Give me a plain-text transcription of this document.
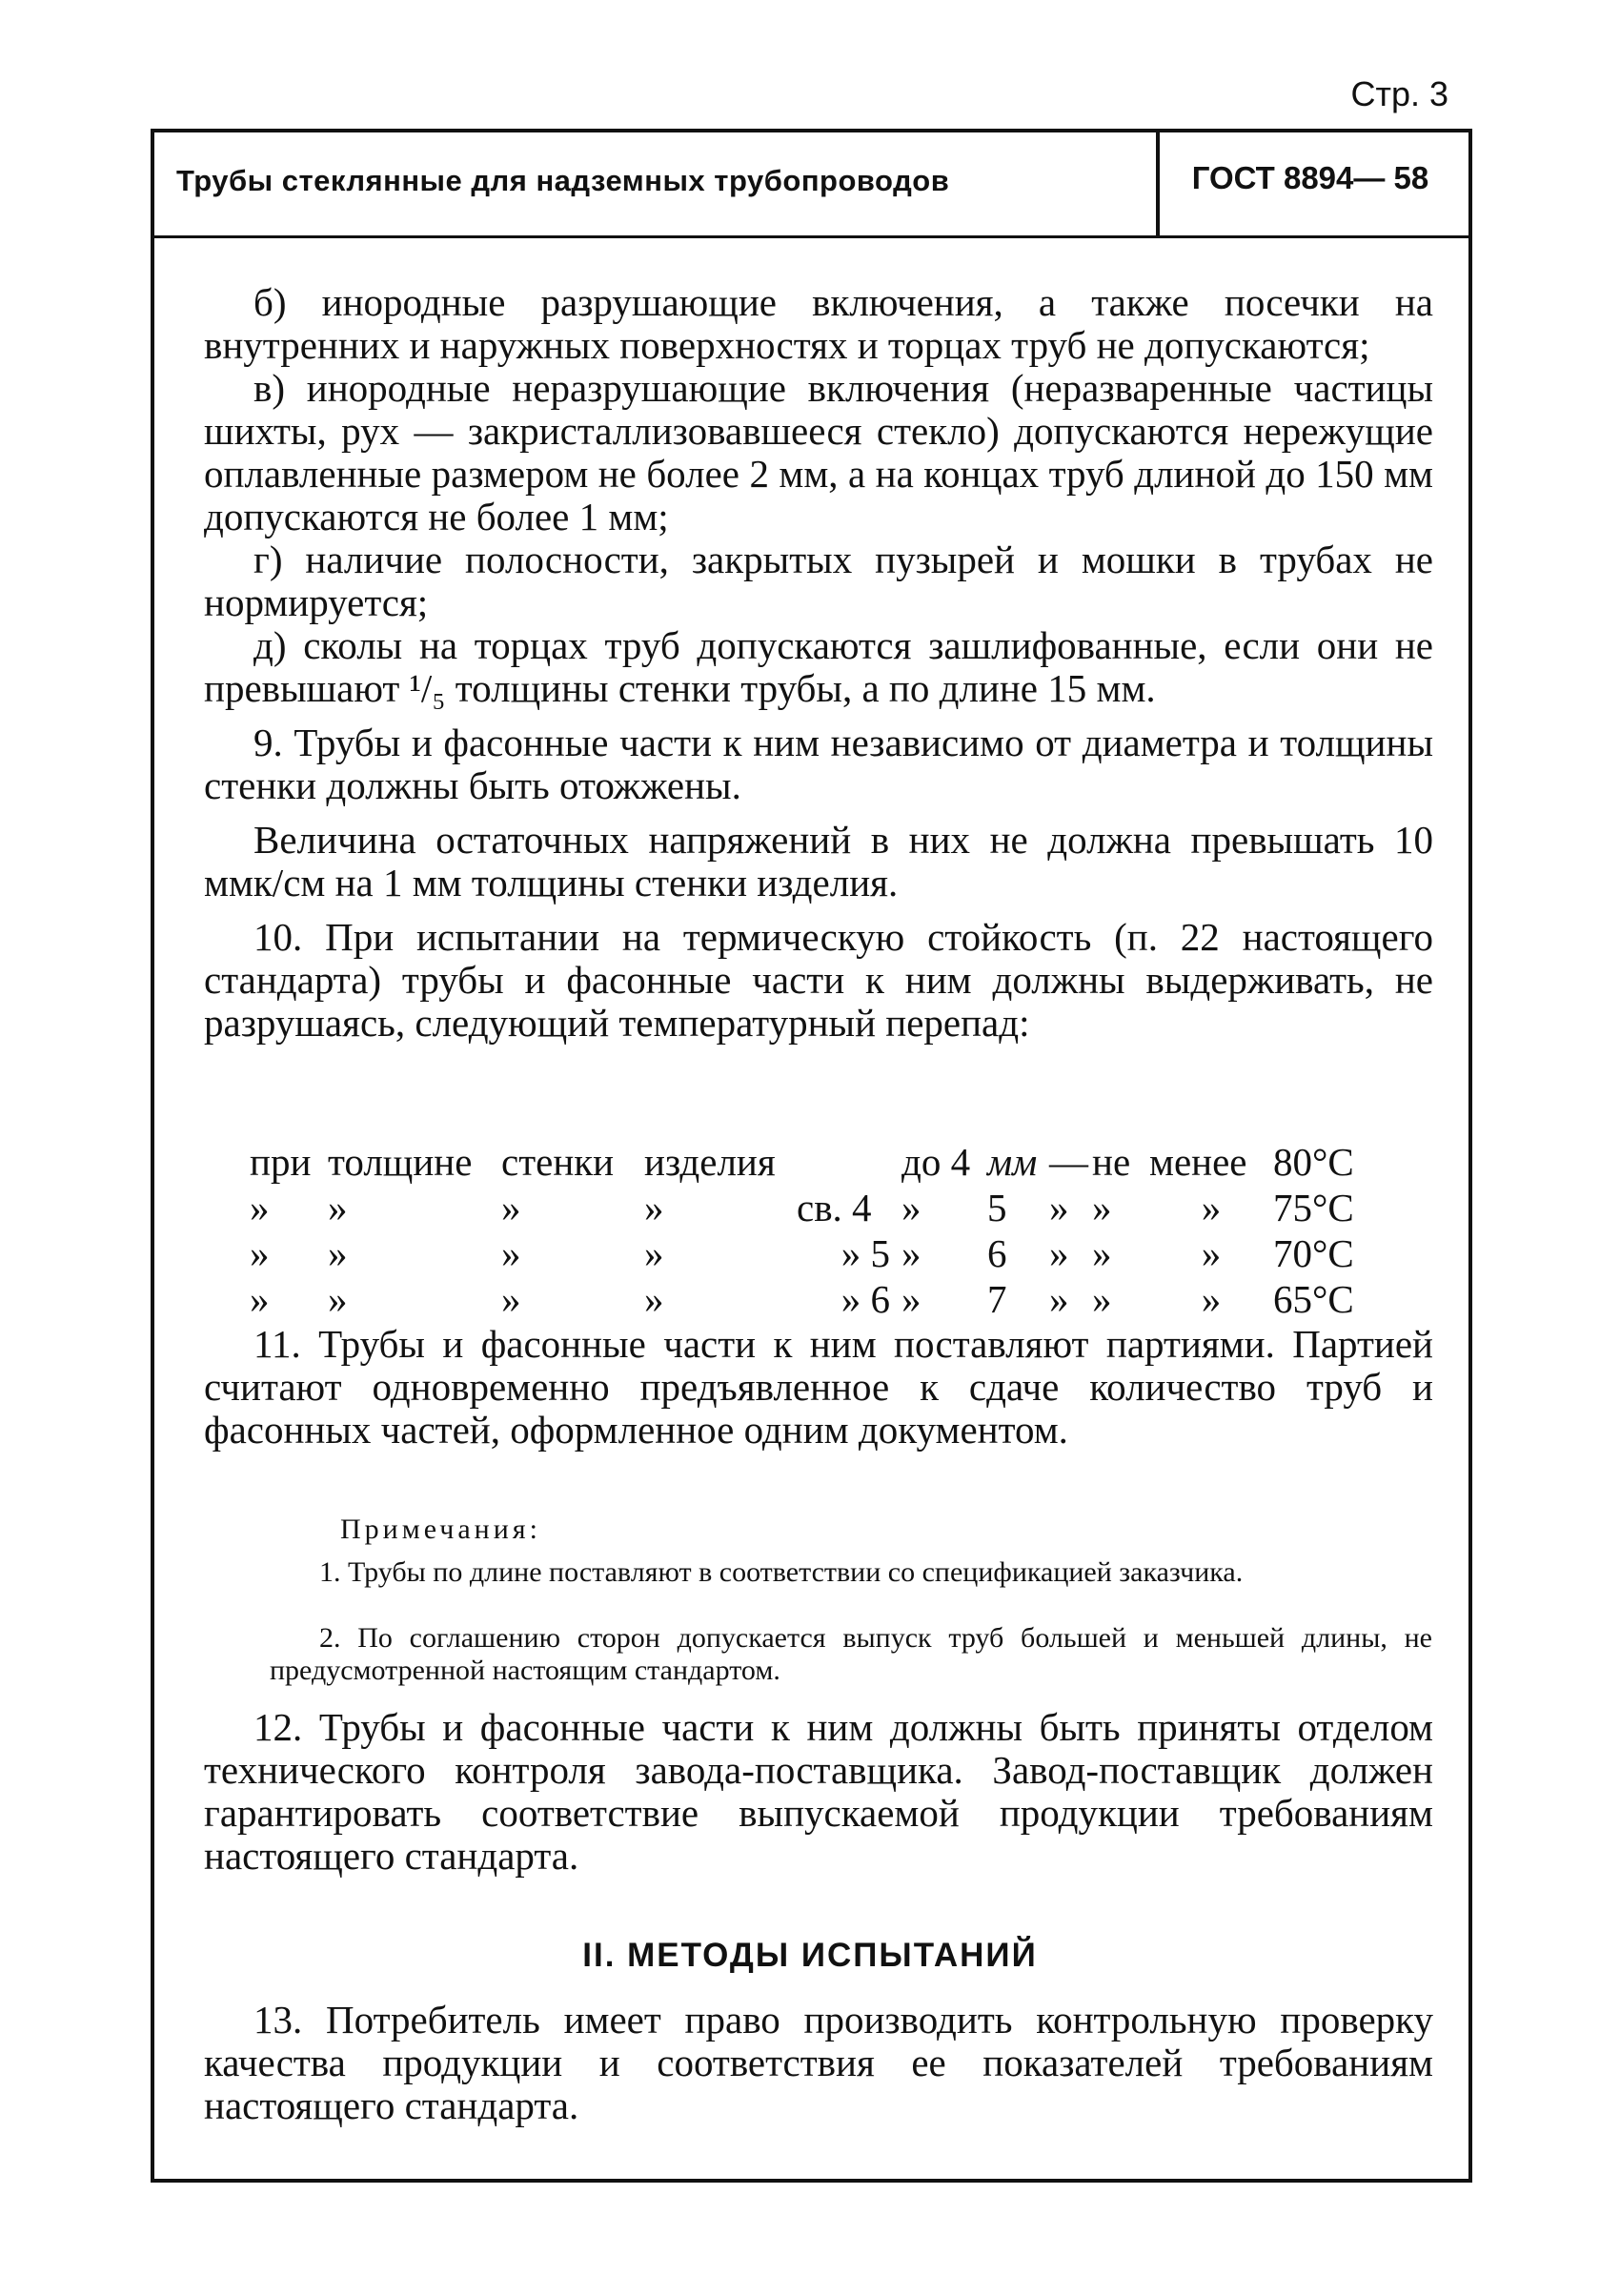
Стр. 3
Трубы стеклянные для надземных трубопроводов	ГОСТ 8894— 58

б) инородные разрушающие включения, а также посечки на внутренних и наружных поверхностях и торцах труб не допускаются;

в) инородные неразрушающие включения (неразваренные частицы шихты, рух — закристаллизовавшееся стекло) допускаются нережущие оплавленные размером не более 2 мм, а на концах труб длиной до 150 мм допускаются не более 1 мм;

г) наличие полосности, закрытых пузырей и мошки в трубах не нормируется;

д) сколы на торцах труб допускаются зашлифованные, если они не превышают ¹/₅ толщины стенки трубы, а по длине 15 мм.

9. Трубы и фасонные части к ним независимо от диаметра и толщины стенки должны быть отожжены.

Величина остаточных напряжений в них не должна превышать 10 ммк/см на 1 мм толщины стенки изделия.

10. При испытании на термическую стойкость (п. 22 настоящего стандарта) трубы и фасонные части к ним должны выдерживать, не разрушаясь, следующий температурный перепад:

при	толщине	стенки	изделия		до 4	мм	—	не	менее	80°C
»	»	»	»	св. 4	»	5	»	»	»	75°C
»	»	»	»	» 5	»	6	»	»	»	70°C
»	»	»	»	» 6	»	7	»	»	»	65°C

11. Трубы и фасонные части к ним поставляют партиями. Партией считают одновременно предъявленное к сдаче количество труб и фасонных частей, оформленное одним документом.

Примечания:
1. Трубы по длине поставляют в соответствии со спецификацией заказчика.
2. По соглашению сторон допускается выпуск труб большей и меньшей длины, не предусмотренной настоящим стандартом.

12. Трубы и фасонные части к ним должны быть приняты отделом технического контроля завода-поставщика. Завод-поставщик должен гарантировать соответствие выпускаемой продукции требованиям настоящего стандарта.

II. МЕТОДЫ ИСПЫТАНИЙ

13. Потребитель имеет право производить контрольную проверку качества продукции и соответствия ее показателей требованиям настоящего стандарта.
